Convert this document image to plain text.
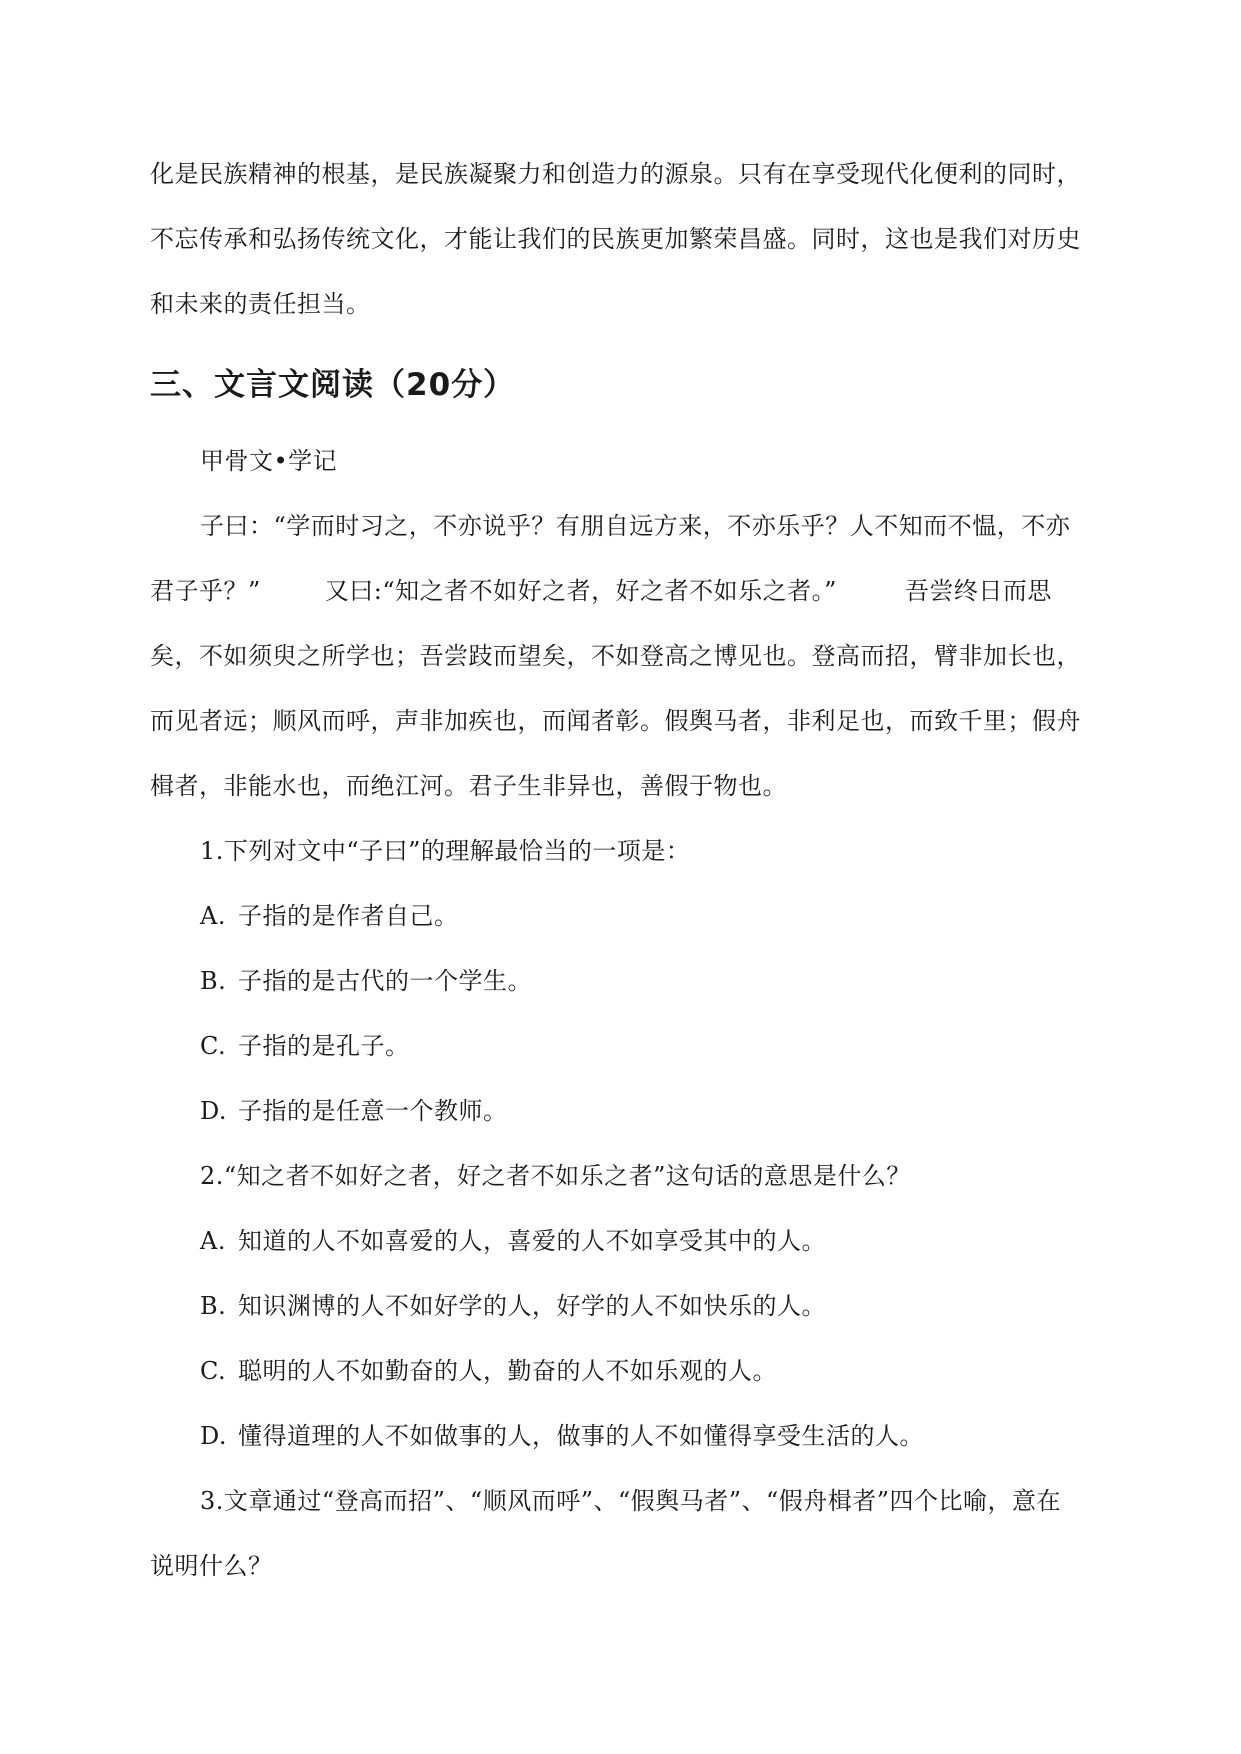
化是民族精神的根基，是民族凝聚力和创造力的源泉。只有在享受现代化便利的同时，
不忘传承和弘扬传统文化，才能让我们的民族更加繁荣昌盛。同时，这也是我们对历史
和未来的责任担当。
三、文言文阅读（20分）
甲骨文•学记
子曰：“学而时习之，不亦说乎？有朋自远方来，不亦乐乎？人不知而不愠，不亦
君子乎？”	又曰:“知之者不如好之者，好之者不如乐之者。”	吾尝终日而思
矣，不如须臾之所学也；吾尝跂而望矣，不如登高之博见也。登高而招，臂非加长也，
而见者远；顺风而呼，声非加疾也，而闻者彰。假舆马者，非利足也，而致千里；假舟
楫者，非能水也，而绝江河。君子生非异也，善假于物也。
1.下列对文中“子曰”的理解最恰当的一项是：
A. 子指的是作者自己。
B. 子指的是古代的一个学生。
C. 子指的是孔子。
D. 子指的是任意一个教师。
2.“知之者不如好之者，好之者不如乐之者”这句话的意思是什么？
A. 知道的人不如喜爱的人，喜爱的人不如享受其中的人。
B. 知识渊博的人不如好学的人，好学的人不如快乐的人。
C. 聪明的人不如勤奋的人，勤奋的人不如乐观的人。
D. 懂得道理的人不如做事的人，做事的人不如懂得享受生活的人。
3.文章通过“登高而招”、“顺风而呼”、“假舆马者”、“假舟楫者”四个比喻，意在
说明什么？
